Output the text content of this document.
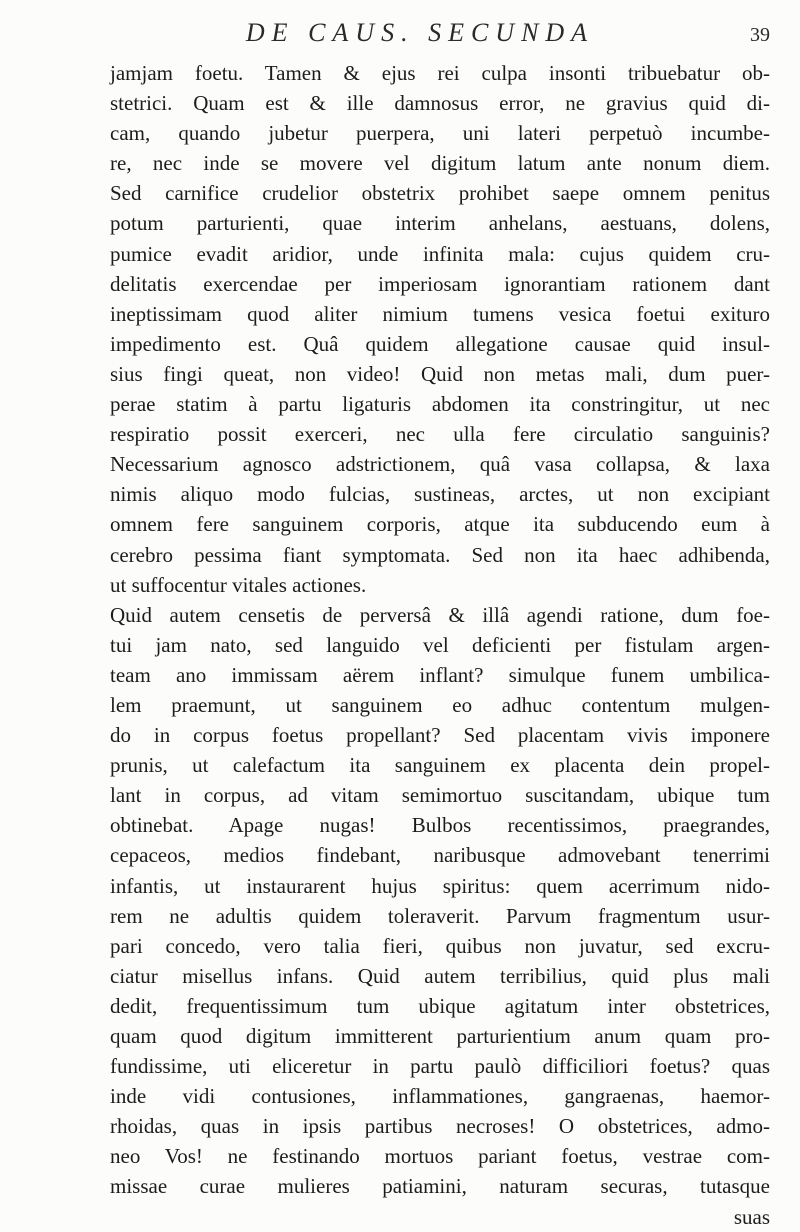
DE CAUS. SECUNDA	39
jamjam foetu. Tamen & ejus rei culpa insonti tribuebatur ob-
stetrici. Quam est & ille damnosus error, ne gravius quid di-
cam, quando jubetur puerpera, uni lateri perpetuò incumbe-
re, nec inde se movere vel digitum latum ante nonum diem.
Sed carnifice crudelior obstetrix prohibet saepe omnem penitus
potum parturienti, quae interim anhelans, aestuans, dolens,
pumice evadit aridior, unde infinita mala: cujus quidem cru-
delitatis exercendae per imperiosam ignorantiam rationem dant
ineptissimam quod aliter nimium tumens vesica foetui exituro
impedimento est. Quâ quidem allegatione causae quid insul-
sius fingi queat, non video! Quid non metas mali, dum puer-
perae statim à partu ligaturis abdomen ita constringitur, ut nec
respiratio possit exerceri, nec ulla fere circulatio sanguinis?
Necessarium agnosco adstrictionem, quâ vasa collapsa, & laxa
nimis aliquo modo fulcias, sustineas, arctes, ut non excipiant
omnem fere sanguinem corporis, atque ita subducendo eum à
cerebro pessima fiant symptomata. Sed non ita haec adhibenda,
ut suffocentur vitales actiones.
Quid autem censetis de perversâ & illâ agendi ratione, dum foe-
tui jam nato, sed languido vel deficienti per fistulam argen-
team ano immissam aërem inflant? simulque funem umbilica-
lem praemunt, ut sanguinem eo adhuc contentum mulgen-
do in corpus foetus propellant? Sed placentam vivis imponere
prunis, ut calefactum ita sanguinem ex placenta dein propel-
lant in corpus, ad vitam semimortuo suscitandam, ubique tum
obtinebat. Apage nugas! Bulbos recentissimos, praegrandes,
cepaceos, medios findebant, naribusque admovebant tenerrimi
infantis, ut instaurarent hujus spiritus: quem acerrimum nido-
rem ne adultis quidem toleraverit. Parvum fragmentum usur-
pari concedo, vero talia fieri, quibus non juvatur, sed excru-
ciatur misellus infans. Quid autem terribilius, quid plus mali
dedit, frequentissimum tum ubique agitatum inter obstetrices,
quam quod digitum immitterent parturientium anum quam pro-
fundissime, uti eliceretur in partu paulò difficiliori foetus? quas
inde vidi contusiones, inflammationes, gangraenas, haemor-
rhoidas, quas in ipsis partibus necroses! O obstetrices, admo-
neo Vos! ne festinando mortuos pariant foetus, vestrae com-
missae curae mulieres patiamini, naturam securas, tutasque
suas
